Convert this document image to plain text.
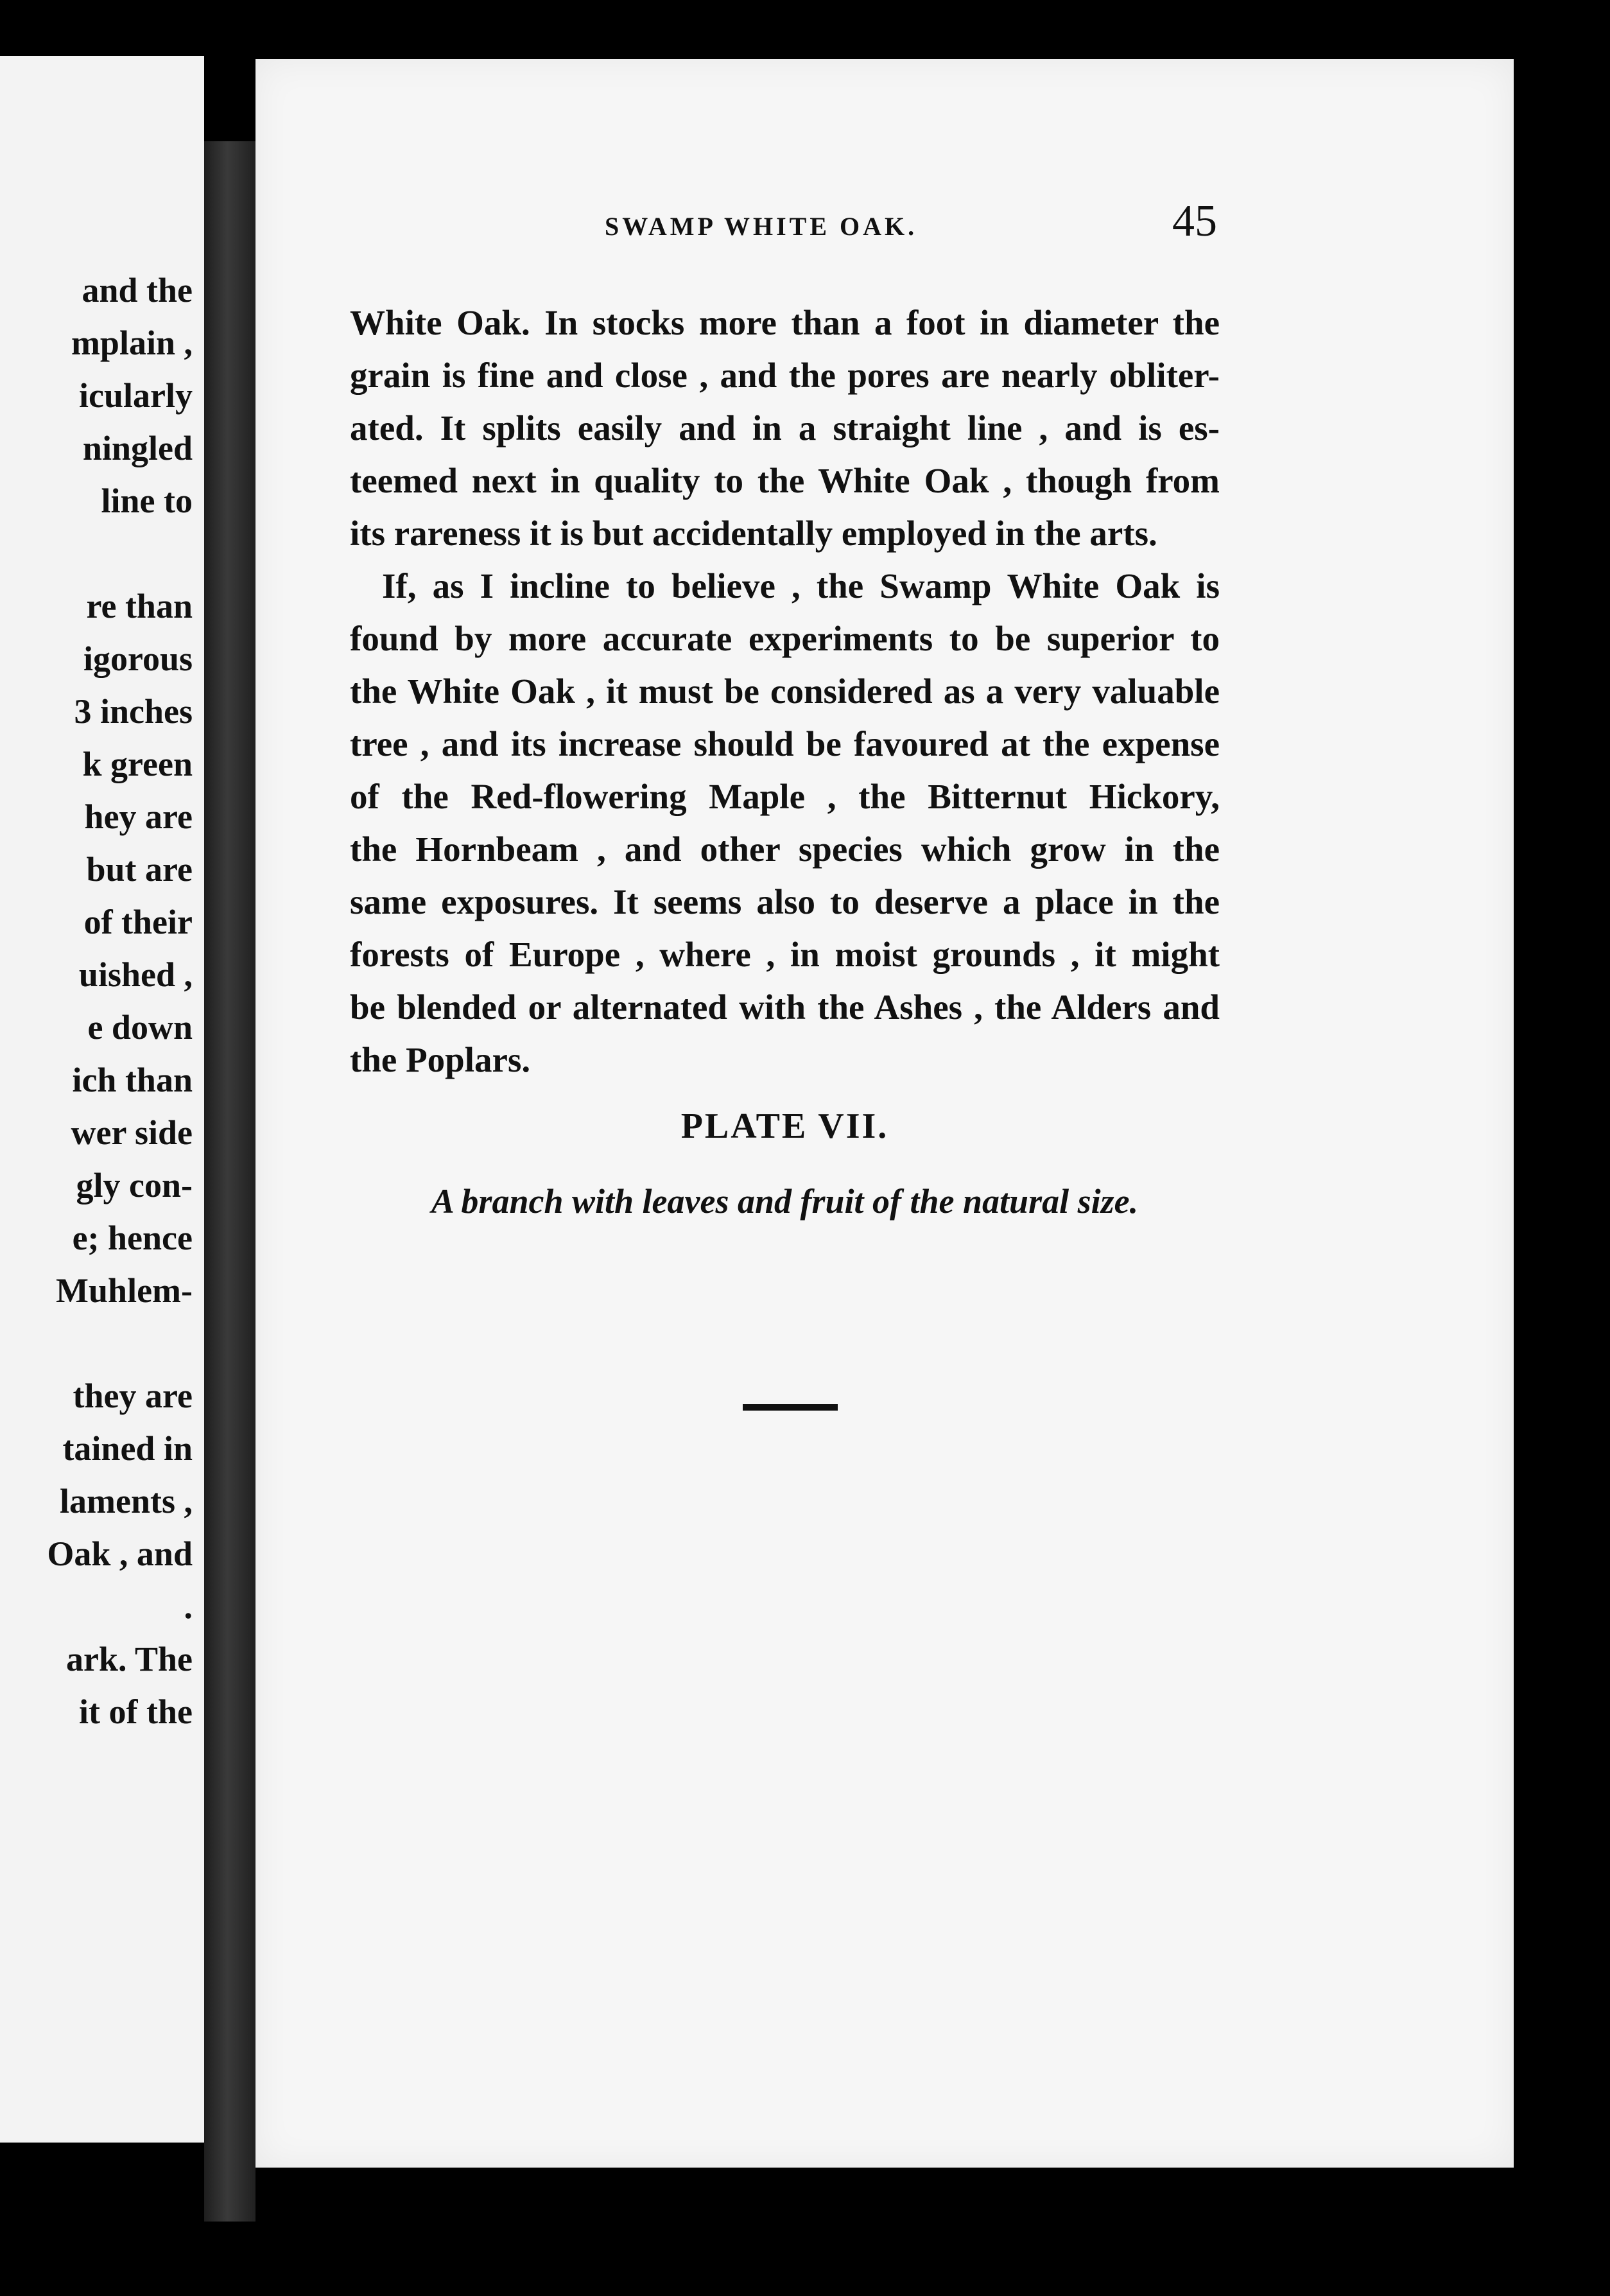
and the
mplain ,
icularly
ningled
line to
re than
igorous
3 inches
k green
hey are
but are
of their
uished ,
e down
ich than
wer side
gly con-
e; hence
Muhlem-
they are
tained in
laments ,
Oak , and
.
ark. The
it of the
SWAMP WHITE OAK.	45
White Oak. In stocks more than a foot in diameter the
grain is fine and close , and the pores are nearly obliter-
ated. It splits easily and in a straight line , and is es-
teemed next in quality to the White Oak , though from
its rareness it is but accidentally employed in the arts.
If, as I incline to believe , the Swamp White Oak is
found by more accurate experiments to be superior to
the White Oak , it must be considered as a very valuable
tree , and its increase should be favoured at the expense
of the Red-flowering Maple , the Bitternut Hickory,
the Hornbeam , and other species which grow in the
same exposures. It seems also to deserve a place in the
forests of Europe , where , in moist grounds , it might
be blended or alternated with the Ashes , the Alders and
the Poplars.
PLATE VII.
A branch with leaves and fruit of the natural size.
